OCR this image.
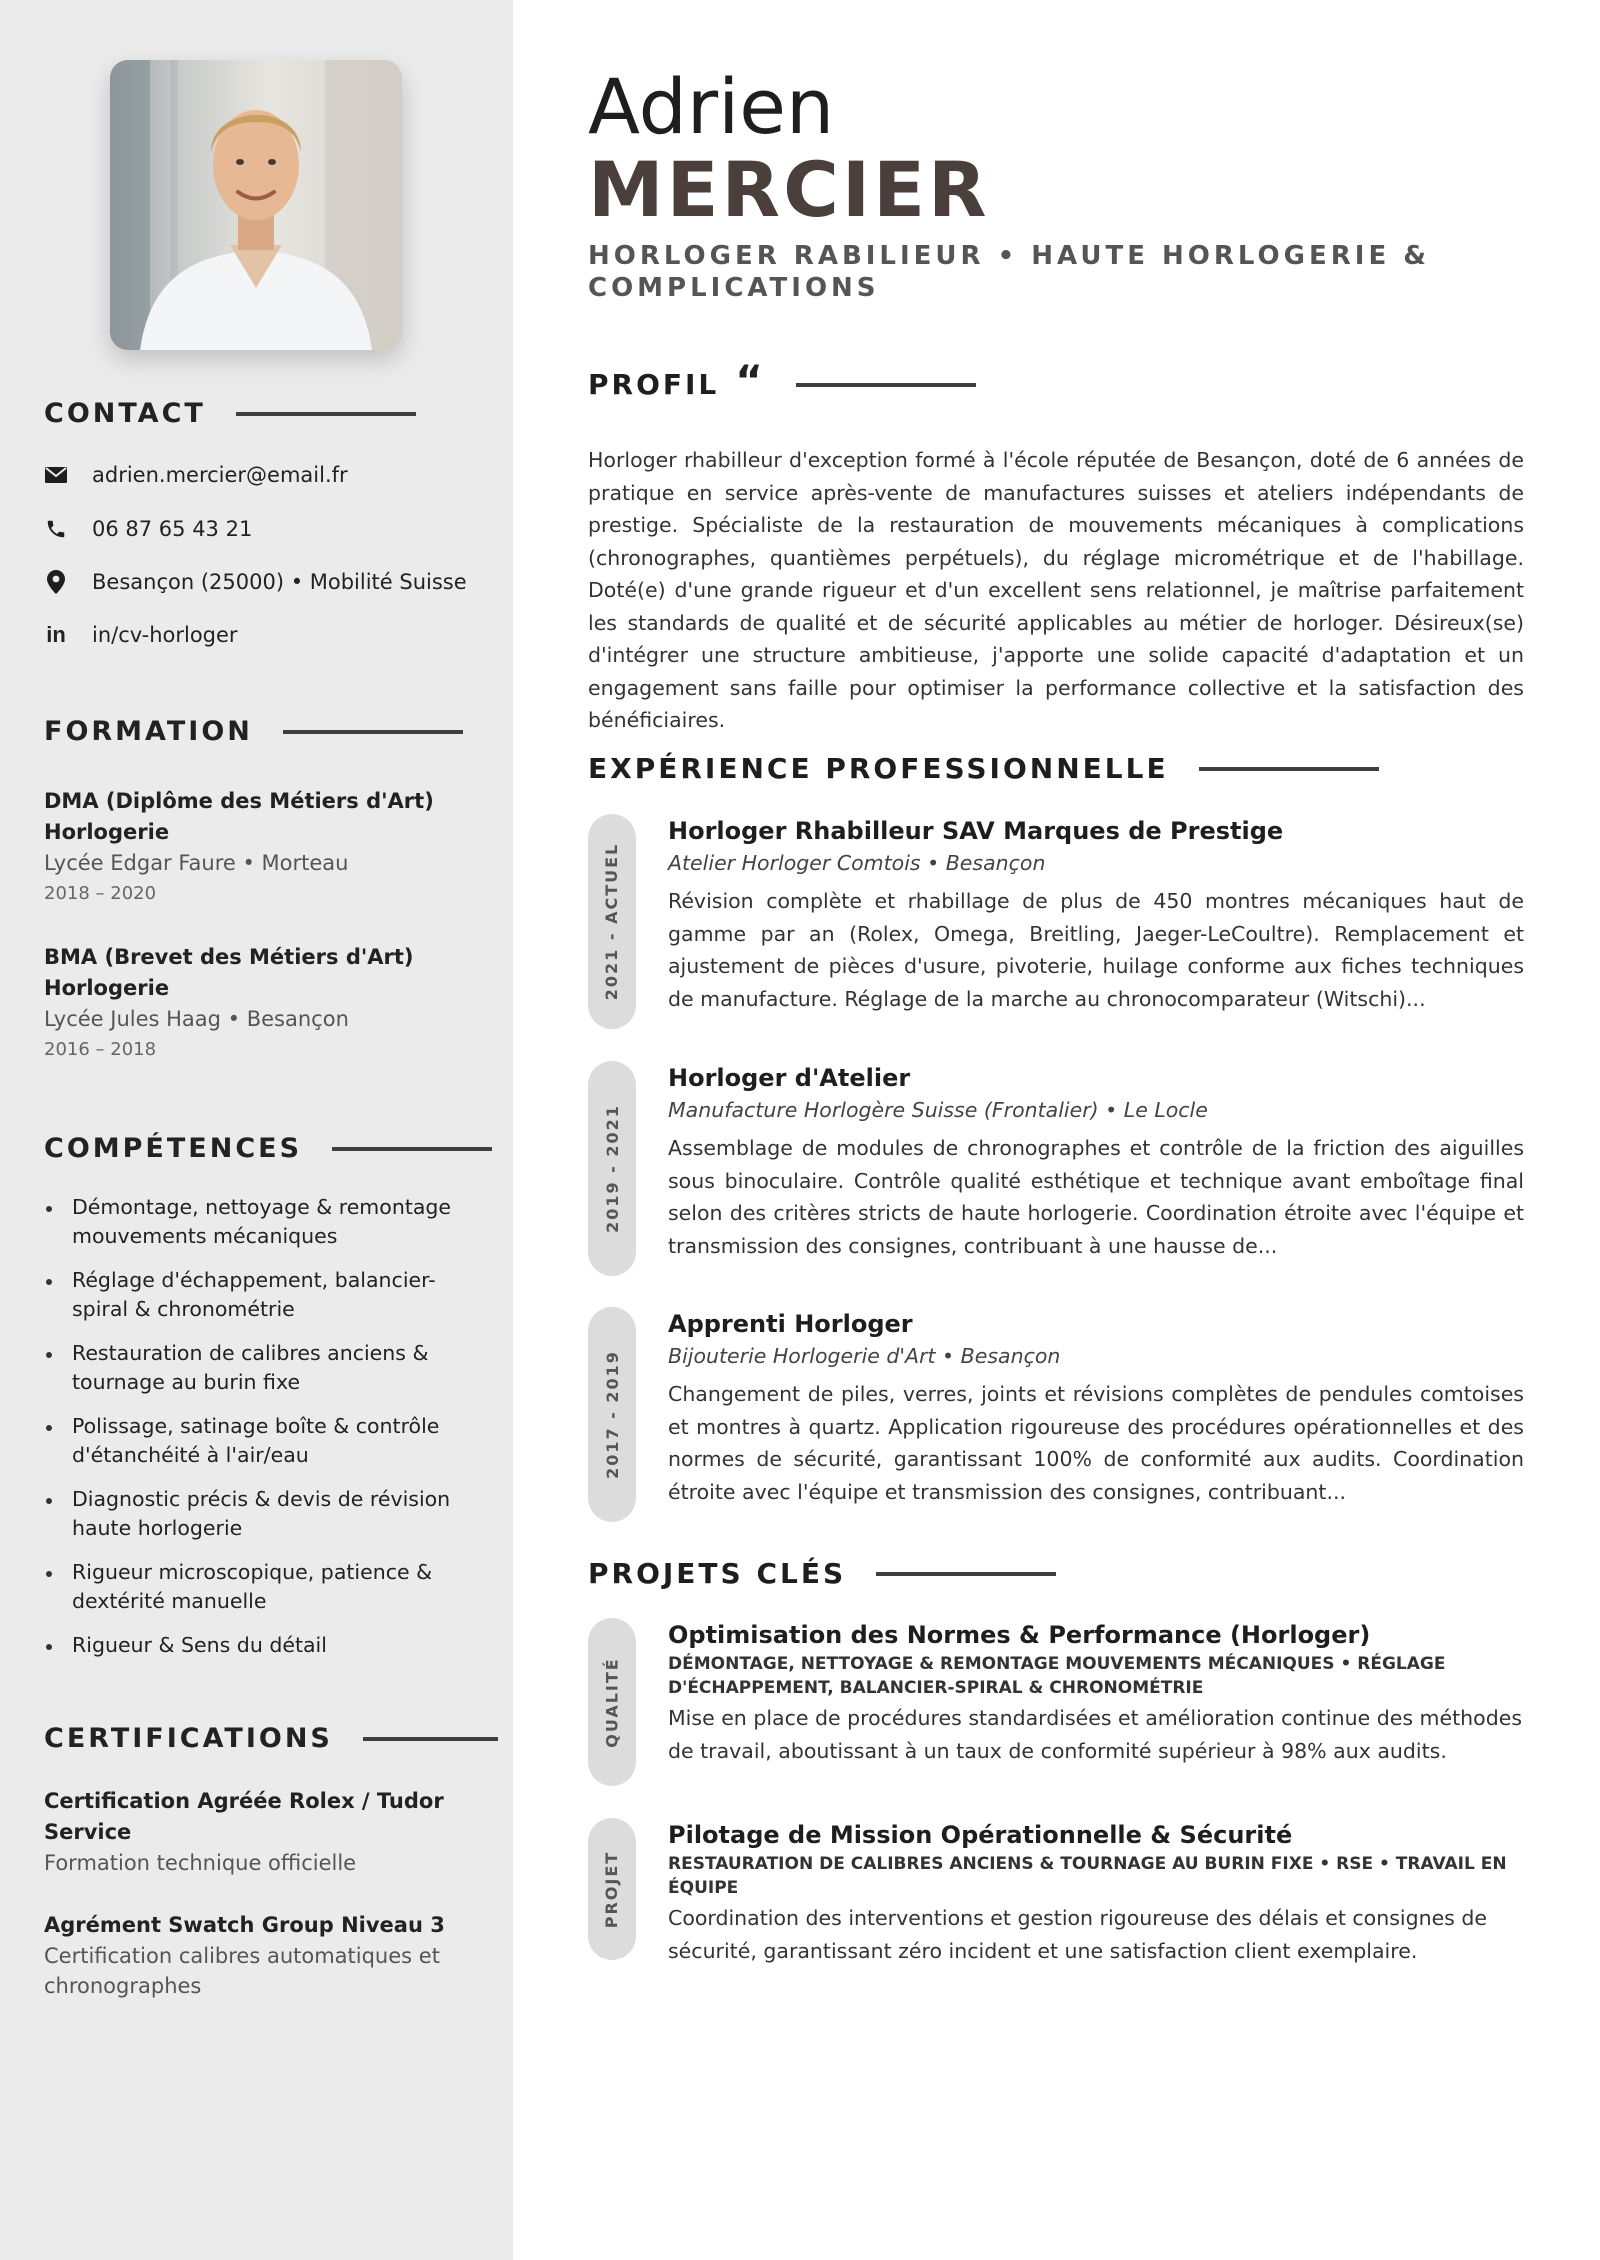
CONTACT
adrien.mercier@email.fr
06 87 65 43 21
Besançon (25000) • Mobilité Suisse
in in/cv-horloger
FORMATION
DMA (Diplôme des Métiers d'Art) Horlogerie
Lycée Edgar Faure • Morteau
2018 – 2020
BMA (Brevet des Métiers d'Art) Horlogerie
Lycée Jules Haag • Besançon
2016 – 2018
COMPÉTENCES
Démontage, nettoyage & remontage mouvements mécaniques
Réglage d'échappement, balancier-spiral & chronométrie
Restauration de calibres anciens & tournage au burin fixe
Polissage, satinage boîte & contrôle d'étanchéité à l'air/eau
Diagnostic précis & devis de révision haute horlogerie
Rigueur microscopique, patience & dextérité manuelle
Rigueur & Sens du détail
CERTIFICATIONS
Certification Agréée Rolex / Tudor Service
Formation technique officielle
Agrément Swatch Group Niveau 3
Certification calibres automatiques et chronographes
Adrien
MERCIER
HORLOGER RABILIEUR • HAUTE HORLOGERIE & COMPLICATIONS
PROFIL “

Horloger rhabilleur d'exception formé à l'école réputée de Besançon, doté de 6 années de pratique en service après-vente de manufactures suisses et ateliers indépendants de prestige. Spécialiste de la restauration de mouvements mécaniques à complications (chronographes, quantièmes perpétuels), du réglage micrométrique et de l'habillage. Doté(e) d'une grande rigueur et d'un excellent sens relationnel, je maîtrise parfaitement les standards de qualité et de sécurité applicables au métier de horloger. Désireux(se) d'intégrer une structure ambitieuse, j'apporte une solide capacité d'adaptation et un engagement sans faille pour optimiser la performance collective et la satisfaction des bénéficiaires.

EXPÉRIENCE PROFESSIONNELLE
2021 - ACTUEL
Horloger Rhabilleur SAV Marques de Prestige
Atelier Horloger Comtois • Besançon
Révision complète et rhabillage de plus de 450 montres mécaniques haut de gamme par an (Rolex, Omega, Breitling, Jaeger-LeCoultre). Remplacement et ajustement de pièces d'usure, pivoterie, huilage conforme aux fiches techniques de manufacture. Réglage de la marche au chronocomparateur (Witschi)...
2019 - 2021
Horloger d'Atelier
Manufacture Horlogère Suisse (Frontalier) • Le Locle
Assemblage de modules de chronographes et contrôle de la friction des aiguilles sous binoculaire. Contrôle qualité esthétique et technique avant emboîtage final selon des critères stricts de haute horlogerie. Coordination étroite avec l'équipe et transmission des consignes, contribuant à une hausse de...
2017 - 2019
Apprenti Horloger
Bijouterie Horlogerie d'Art • Besançon
Changement de piles, verres, joints et révisions complètes de pendules comtoises et montres à quartz. Application rigoureuse des procédures opérationnelles et des normes de sécurité, garantissant 100% de conformité aux audits. Coordination étroite avec l'équipe et transmission des consignes, contribuant...
PROJETS CLÉS
QUALITÉ
Optimisation des Normes & Performance (Horloger)
DÉMONTAGE, NETTOYAGE & REMONTAGE MOUVEMENTS MÉCANIQUES • RÉGLAGE D'ÉCHAPPEMENT, BALANCIER-SPIRAL & CHRONOMÉTRIE
Mise en place de procédures standardisées et amélioration continue des méthodes de travail, aboutissant à un taux de conformité supérieur à 98% aux audits.
PROJET
Pilotage de Mission Opérationnelle & Sécurité
RESTAURATION DE CALIBRES ANCIENS & TOURNAGE AU BURIN FIXE • RSE • TRAVAIL EN ÉQUIPE
Coordination des interventions et gestion rigoureuse des délais et consignes de sécurité, garantissant zéro incident et une satisfaction client exemplaire.
